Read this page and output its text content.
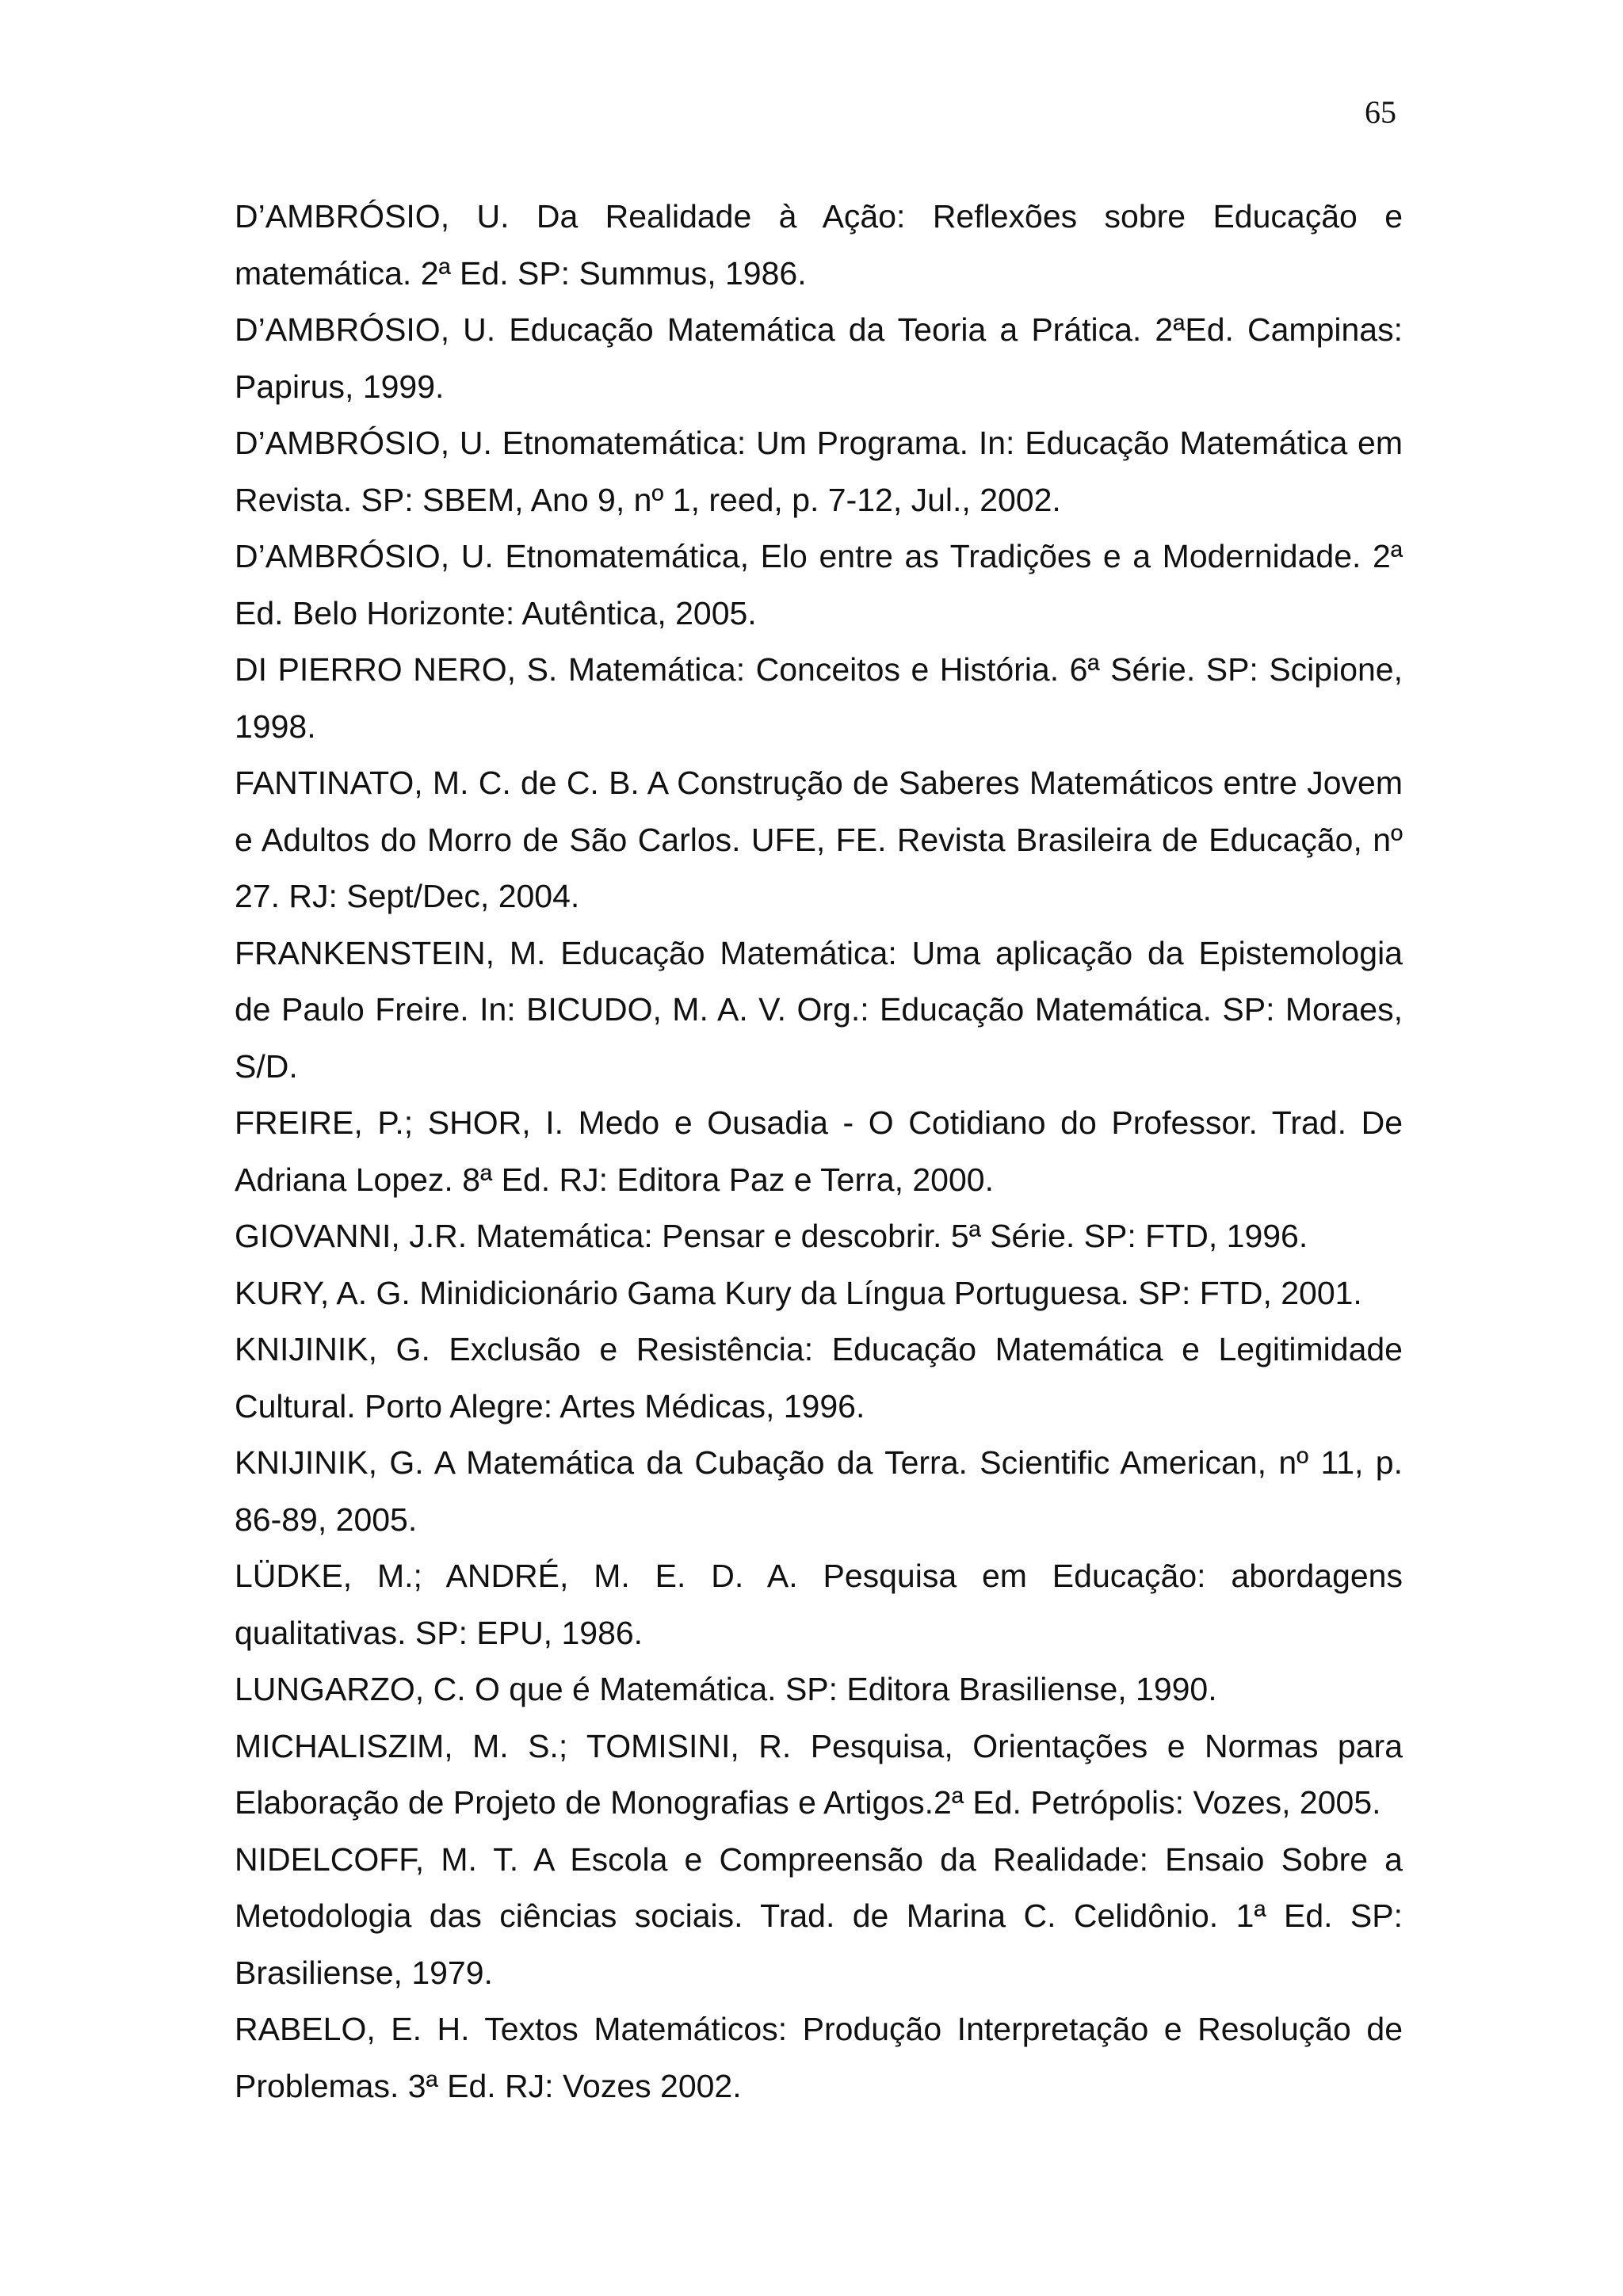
65
D’AMBRÓSIO, U. Da Realidade à Ação: Reflexões sobre Educação e matemática. 2ª Ed. SP: Summus, 1986.
D’AMBRÓSIO, U. Educação Matemática da Teoria a Prática. 2ªEd. Campinas: Papirus, 1999.
D’AMBRÓSIO, U. Etnomatemática: Um Programa. In: Educação Matemática em Revista. SP: SBEM, Ano 9, nº 1, reed, p. 7-12, Jul., 2002.
D’AMBRÓSIO, U. Etnomatemática, Elo entre as Tradições e a Modernidade. 2ª Ed. Belo Horizonte: Autêntica, 2005.
DI PIERRO NERO, S. Matemática: Conceitos e História. 6ª Série. SP: Scipione, 1998.
FANTINATO, M. C. de C. B. A Construção de Saberes Matemáticos entre Jovem e Adultos do Morro de São Carlos. UFE, FE. Revista Brasileira de Educação, nº 27. RJ: Sept/Dec, 2004.
FRANKENSTEIN, M. Educação Matemática: Uma aplicação da Epistemologia de Paulo Freire. In: BICUDO, M. A. V. Org.: Educação Matemática. SP: Moraes, S/D.
FREIRE, P.; SHOR, I. Medo e Ousadia - O Cotidiano do Professor. Trad. De Adriana Lopez. 8ª Ed. RJ: Editora Paz e Terra, 2000.
GIOVANNI, J.R. Matemática: Pensar e descobrir. 5ª Série. SP: FTD, 1996.
KURY, A. G. Minidicionário Gama Kury da Língua Portuguesa. SP: FTD, 2001.
KNIJINIK, G. Exclusão e Resistência: Educação Matemática e Legitimidade Cultural. Porto Alegre: Artes Médicas, 1996.
KNIJINIK, G. A Matemática da Cubação da Terra. Scientific American, nº 11, p. 86-89, 2005.
LÜDKE, M.; ANDRÉ, M. E. D. A. Pesquisa em Educação: abordagens qualitativas. SP: EPU, 1986.
LUNGARZO, C. O que é Matemática. SP: Editora Brasiliense, 1990.
MICHALISZIM, M. S.; TOMISINI, R. Pesquisa, Orientações e Normas para Elaboração de Projeto de Monografias e Artigos.2ª Ed. Petrópolis: Vozes, 2005.
NIDELCOFF, M. T. A Escola e Compreensão da Realidade: Ensaio Sobre a Metodologia das ciências sociais. Trad. de Marina C. Celidônio. 1ª Ed. SP: Brasiliense, 1979.
RABELO, E. H. Textos Matemáticos: Produção Interpretação e Resolução de Problemas. 3ª Ed. RJ: Vozes 2002.
